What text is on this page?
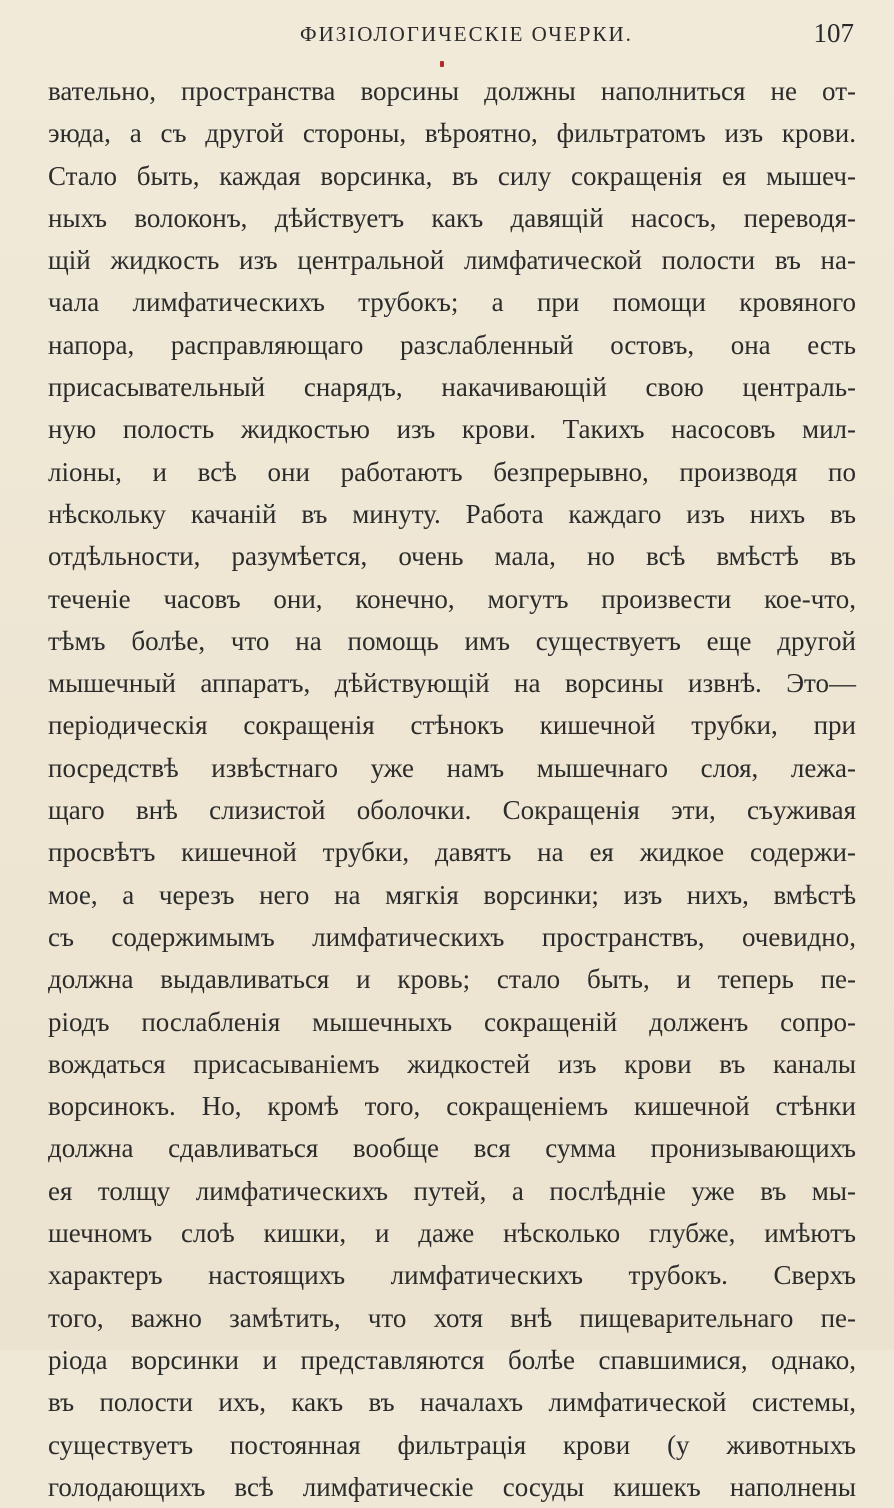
ФИЗІОЛОГИЧЕСКІЕ ОЧЕРКИ.	107
вательно, пространства ворсины должны наполниться не от-
эюда, а съ другой стороны, вѣроятно, фильтратомъ изъ крови.
Стало быть, каждая ворсинка, въ силу сокращенія ея мышеч-
ныхъ волоконъ, дѣйствуетъ какъ давящій насосъ, переводя-
щій жидкость изъ центральной лимфатической полости въ на-
чала лимфатическихъ трубокъ; а при помощи кровяного
напора, расправляющаго разслабленный остовъ, она есть
присасывательный снарядъ, накачивающій свою централь-
ную полость жидкостью изъ крови. Такихъ насосовъ мил-
ліоны, и всѣ они работаютъ безпрерывно, производя по
нѣскольку качаній въ минуту. Работа каждаго изъ нихъ въ
отдѣльности, разумѣется, очень мала, но всѣ вмѣстѣ въ
теченіе часовъ они, конечно, могутъ произвести кое-что,
тѣмъ болѣе, что на помощь имъ существуетъ еще другой
мышечный аппаратъ, дѣйствующій на ворсины извнѣ. Это—
періодическія сокращенія стѣнокъ кишечной трубки, при
посредствѣ извѣстнаго уже намъ мышечнаго слоя, лежа-
щаго внѣ слизистой оболочки. Сокращенія эти, съуживая
просвѣтъ кишечной трубки, давятъ на ея жидкое содержи-
мое, а черезъ него на мягкія ворсинки; изъ нихъ, вмѣстѣ
съ содержимымъ лимфатическихъ пространствъ, очевидно,
должна выдавливаться и кровь; стало быть, и теперь пе-
ріодъ послабленія мышечныхъ сокращеній долженъ сопро-
вождаться присасываніемъ жидкостей изъ крови въ каналы
ворсинокъ. Но, кромѣ того, сокращеніемъ кишечной стѣнки
должна сдавливаться вообще вся сумма пронизывающихъ
ея толщу лимфатическихъ путей, а послѣдніе уже въ мы-
шечномъ слоѣ кишки, и даже нѣсколько глубже, имѣютъ
характеръ настоящихъ лимфатическихъ трубокъ. Сверхъ
того, важно замѣтить, что хотя внѣ пищеварительнаго пе-
ріода ворсинки и представляются болѣе спавшимися, однако,
въ полости ихъ, какъ въ началахъ лимфатической системы,
существуетъ постоянная фильтрація крови (у животныхъ
голодающихъ всѣ лимфатическіе сосуды кишекъ наполнены
